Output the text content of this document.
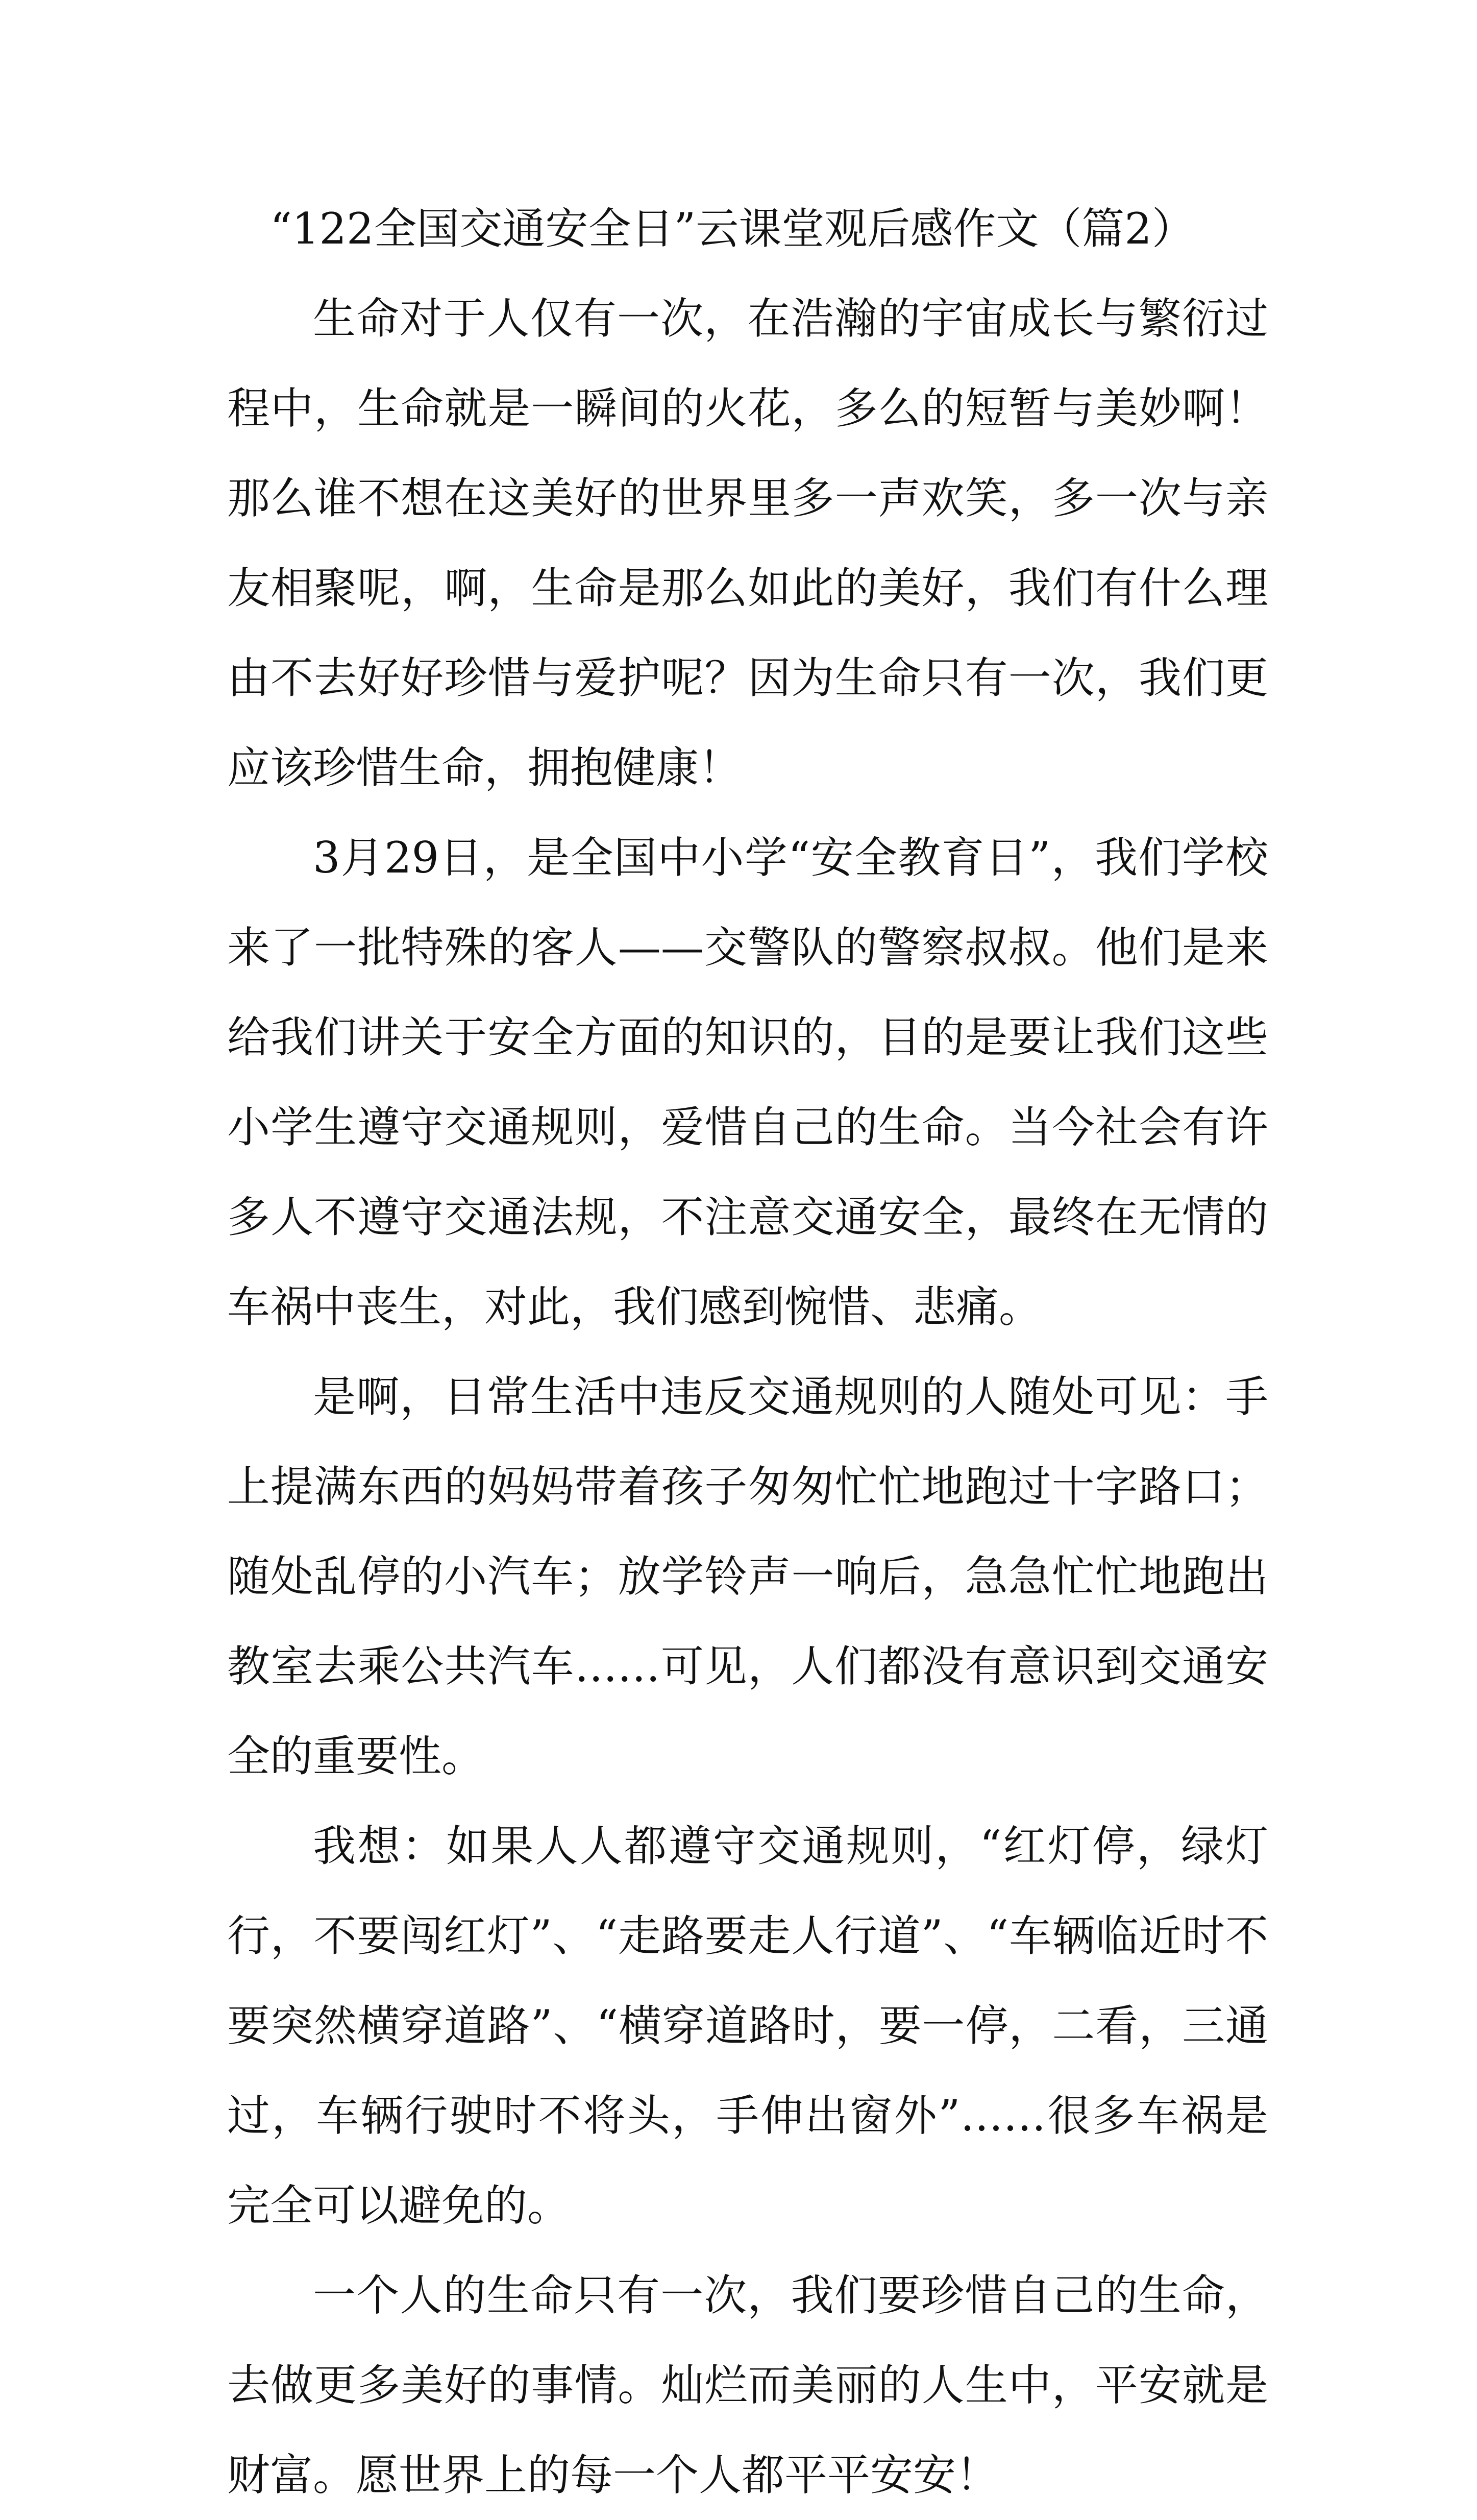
“122全国交通安全日”云课堂观后感作文（篇2）

生命对于人仅有一次，在浩瀚的宇宙成长与繁衍过程中，生命就是一瞬间的火花，多么的短暂与美妙啊！那么谁不想在这美好的世界里多一声欢笑，多一次与亲友相聚呢，啊，生命是那么如此的美好，我们有什么理由不去好好珍惜与爱护呢？因为生命只有一次，我们更应该珍惜生命，拥抱健康！

3月29日，是全国中小学“安全教育日”，我们学校来了一批特殊的客人——交警队的警察叔叔。他们是来给我们讲关于安全方面的知识的，目的是要让我们这些小学生遵守交通规则，爱惜自己的生命。当今社会有许多人不遵守交通法规，不注意交通安全，最终在无情的车祸中丧生，对此，我们感到惋惜、悲痛。

是啊，日常生活中违反交通规则的人随处可见：手上提满东西的妈妈带着孩子匆匆忙忙地跑过十字路口；随处乱停的小汽车；放学铃声一响后，急急忙忙地跑出教室去乘公共汽车……可见，人们都没有意识到交通安全的重要性。

我想：如果人人都遵守交通规则，“红灯停，绿灯行，不要闯红灯”、“走路要走人行道”、“车辆临近时不要突然横穿道路”、“横穿道路时，要一停，二看，三通过，车辆行驶时不将头，手伸出窗外”……很多车祸是完全可以避免的。

一个人的生命只有一次，我们要珍惜自己的生命，去做更多美好的事情。灿烂而美丽的人生中，平安就是财富。愿世界上的每一个人都平平安安！
